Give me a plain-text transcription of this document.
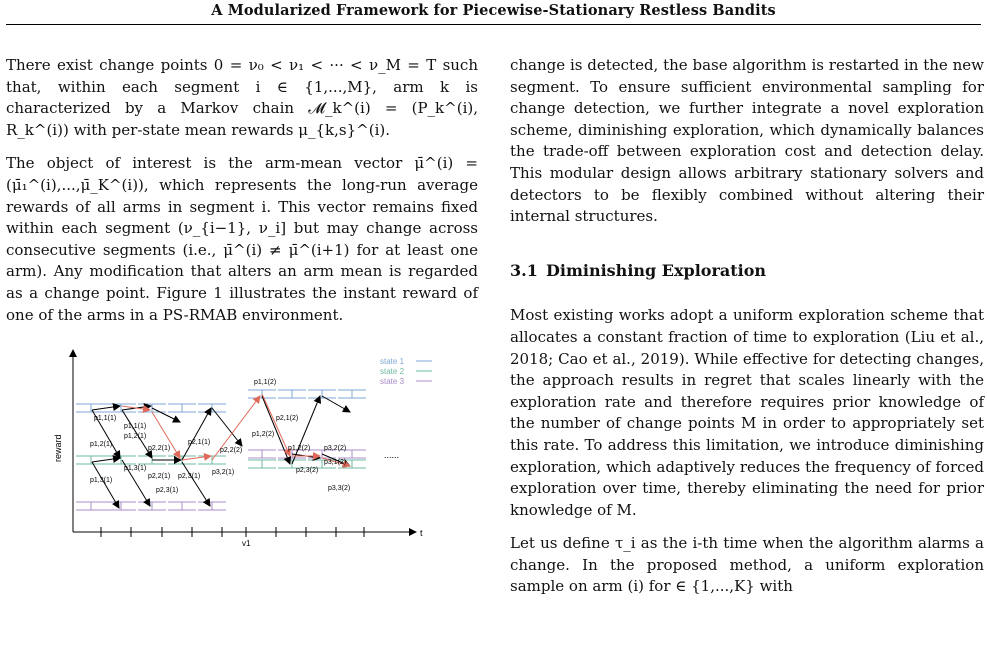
A Modularized Framework for Piecewise-Stationary Restless Bandits

There exist change points 0 = ν₀ < ν₁ < ··· < ν_M = T such that, within each segment i ∈ {1,...,M}, arm k is characterized by a Markov chain 𝓜_k^(i) = (P_k^(i), R_k^(i)) with per-state mean rewards μ_{k,s}^(i).

The object of interest is the arm-mean vector μ̄^(i) = (μ̄₁^(i),...,μ̄_K^(i)), which represents the long-run average rewards of all arms in segment i. This vector remains fixed within each segment (ν_{i−1}, ν_i] but may change across consecutive segments (i.e., μ̄^(i) ≠ μ̄^(i+1) for at least one arm). Any modification that alters an arm mean is regarded as a change point. Figure 1 illustrates the instant reward of one of the arms in a PS-RMAB environment.

reward
t
v1
p1,1(1)
p1,1(1)
p1,2(1)
p1,2(1)
p1,3(1)
p1,3(1)
p2,2(1)
p2,2(1)
p2,1(1)
p2,3(1)
p2,3(1)
p3,2(1)
p1,1(2)
p2,1(2)
p1,2(2)
p1,2(2)
p2,2(2)
p2,3(2)
p3,1(2)
p3,2(2)
p3,3(2)
......
state 1
state 2
state 3

change is detected, the base algorithm is restarted in the new segment. To ensure sufficient environmental sampling for change detection, we further integrate a novel exploration scheme, diminishing exploration, which dynamically balances the trade-off between exploration cost and detection delay. This modular design allows arbitrary stationary solvers and detectors to be flexibly combined without altering their internal structures.

3.1 Diminishing Exploration

Most existing works adopt a uniform exploration scheme that allocates a constant fraction of time to exploration (Liu et al., 2018; Cao et al., 2019). While effective for detecting changes, the approach results in regret that scales linearly with the exploration rate and therefore requires prior knowledge of the number of change points M in order to appropriately set this rate. To address this limitation, we introduce diminishing exploration, which adaptively reduces the frequency of forced exploration over time, thereby eliminating the need for prior knowledge of M.

Let us define τ_i as the i-th time when the algorithm alarms a change. In the proposed method, a uniform exploration sample on arm (i) for ∈ {1,...,K} with
